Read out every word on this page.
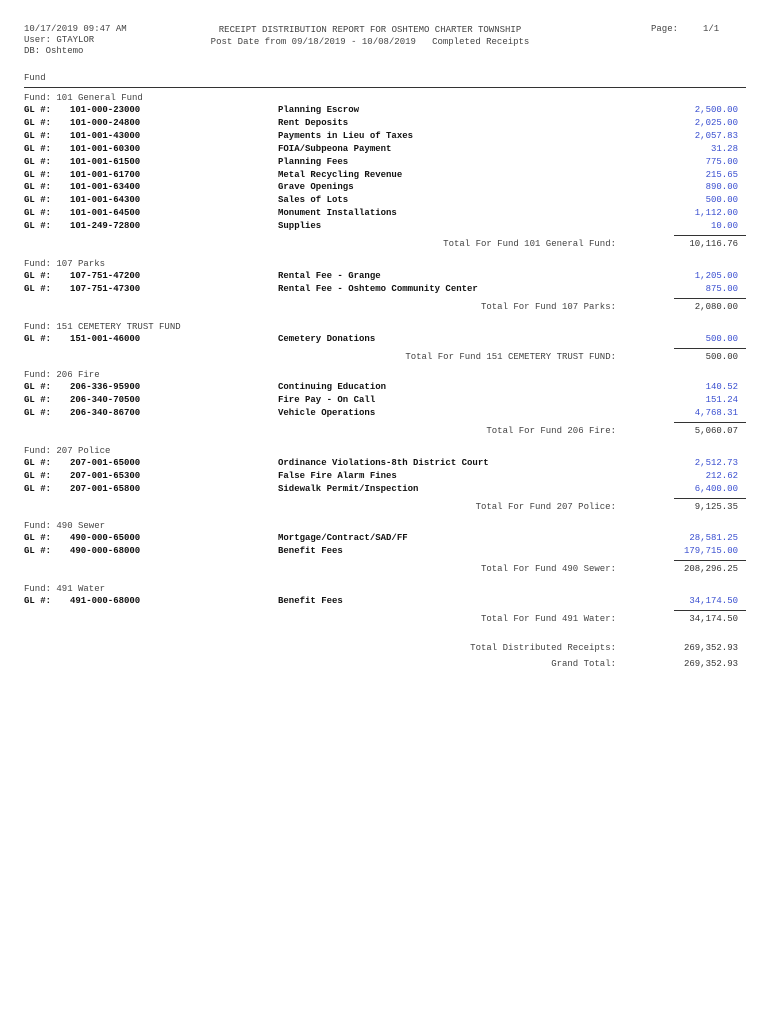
10/17/2019 09:47 AM
User: GTAYLOR
DB: Oshtemo
RECEIPT DISTRIBUTION REPORT FOR OSHTEMO CHARTER TOWNSHIP
Post Date from 09/18/2019 - 10/08/2019   Completed Receipts
Page:	1/1
Fund
Fund: 101 General Fund
GL #: 101-000-23000	Planning Escrow	2,500.00
GL #: 101-000-24800	Rent Deposits	2,025.00
GL #: 101-001-43000	Payments in Lieu of Taxes	2,057.83
GL #: 101-001-60300	FOIA/Subpeona Payment	31.28
GL #: 101-001-61500	Planning Fees	775.00
GL #: 101-001-61700	Metal Recycling Revenue	215.65
GL #: 101-001-63400	Grave Openings	890.00
GL #: 101-001-64300	Sales of Lots	500.00
GL #: 101-001-64500	Monument Installations	1,112.00
GL #: 101-249-72800	Supplies	10.00
Total For Fund 101 General Fund:	10,116.76
Fund: 107 Parks
GL #: 107-751-47200	Rental Fee - Grange	1,205.00
GL #: 107-751-47300	Rental Fee - Oshtemo Community Center	875.00
Total For Fund 107 Parks:	2,080.00
Fund: 151 CEMETERY TRUST FUND
GL #: 151-001-46000	Cemetery Donations	500.00
Total For Fund 151 CEMETERY TRUST FUND:	500.00
Fund: 206 Fire
GL #: 206-336-95900	Continuing Education	140.52
GL #: 206-340-70500	Fire Pay - On Call	151.24
GL #: 206-340-86700	Vehicle Operations	4,768.31
Total For Fund 206 Fire:	5,060.07
Fund: 207 Police
GL #: 207-001-65000	Ordinance Violations-8th District Court	2,512.73
GL #: 207-001-65300	False Fire Alarm Fines	212.62
GL #: 207-001-65800	Sidewalk Permit/Inspection	6,400.00
Total For Fund 207 Police:	9,125.35
Fund: 490 Sewer
GL #: 490-000-65000	Mortgage/Contract/SAD/FF	28,581.25
GL #: 490-000-68000	Benefit Fees	179,715.00
Total For Fund 490 Sewer:	208,296.25
Fund: 491 Water
GL #: 491-000-68000	Benefit Fees	34,174.50
Total For Fund 491 Water:	34,174.50
Total Distributed Receipts:	269,352.93
Grand Total:	269,352.93
